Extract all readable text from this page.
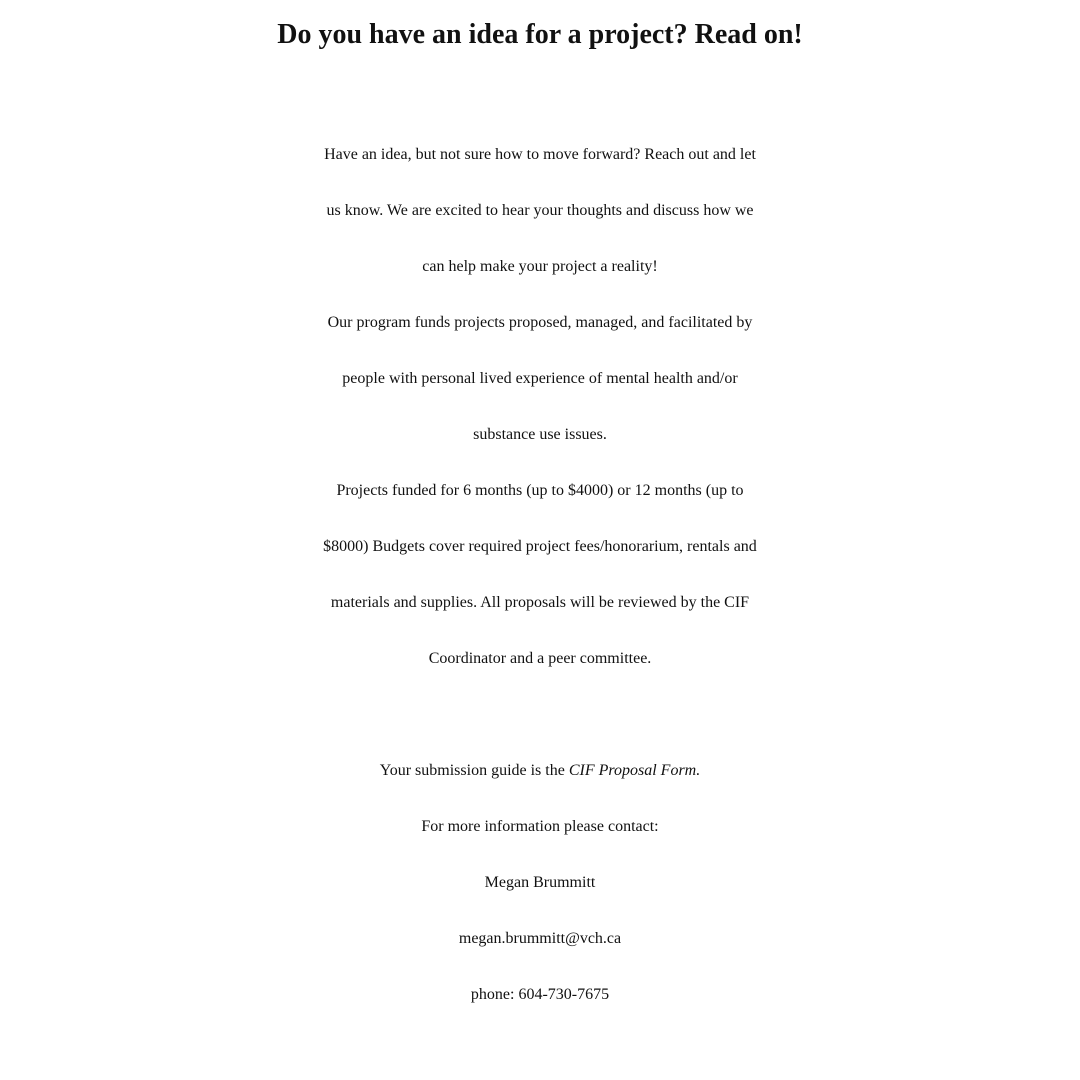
Do you have an idea for a project? Read on!

Have an idea, but not sure how to move forward? Reach out and let

us know. We are excited to hear your thoughts and discuss how we

can help make your project a reality!

Our program funds projects proposed, managed, and facilitated by

people with personal lived experience of mental health and/or

substance use issues.

Projects funded for 6 months (up to $4000) or 12 months (up to

$8000) Budgets cover required project fees/honorarium, rentals and

materials and supplies. All proposals will be reviewed by the CIF

Coordinator and a peer committee.

Your submission guide is the CIF Proposal Form.

For more information please contact:

Megan Brummitt

megan.brummitt@vch.ca

phone: 604-730-7675
